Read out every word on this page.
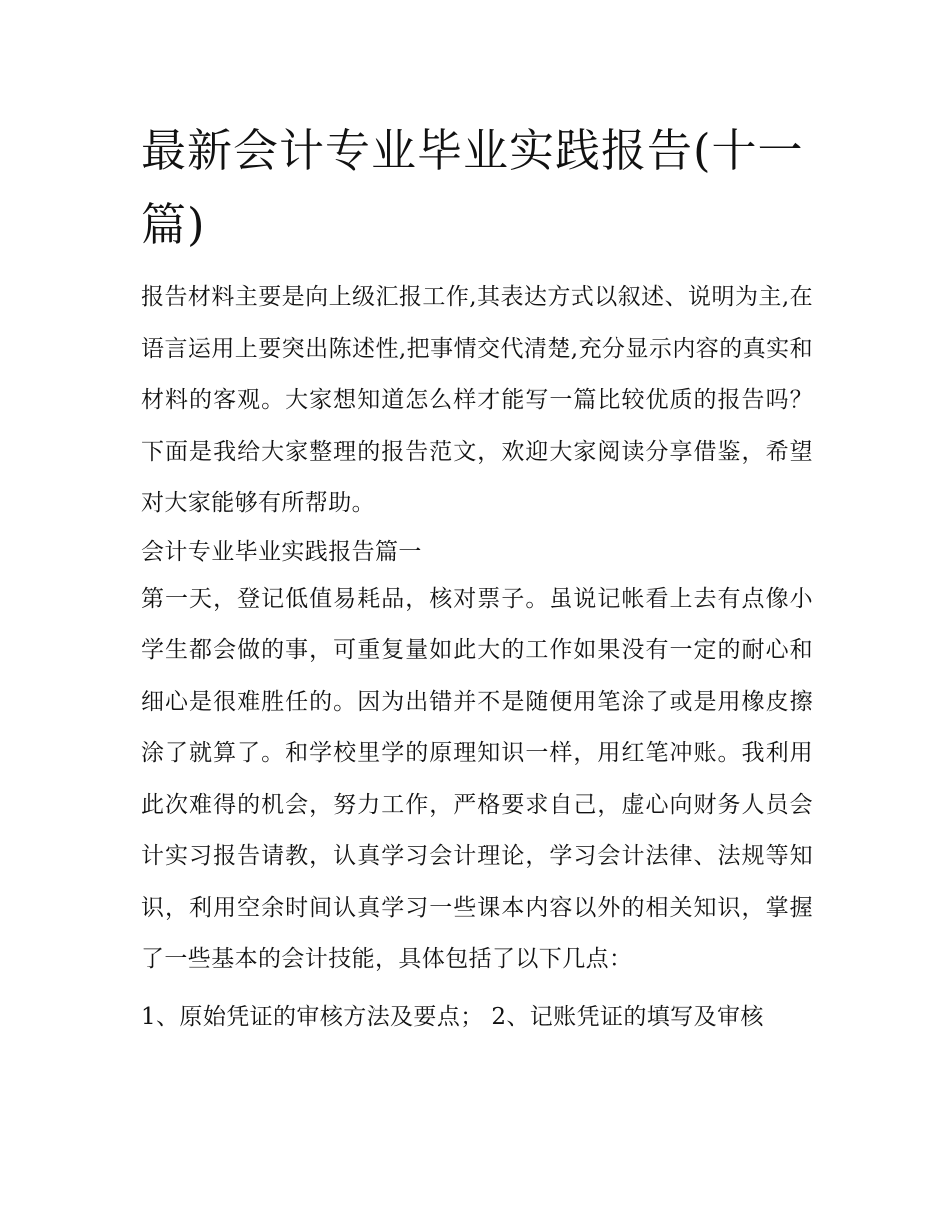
最新会计专业毕业实践报告(十一篇)

报告材料主要是向上级汇报工作,其表达方式以叙述、说明为主,在语言运用上要突出陈述性,把事情交代清楚,充分显示内容的真实和材料的客观。大家想知道怎么样才能写一篇比较优质的报告吗？下面是我给大家整理的报告范文，欢迎大家阅读分享借鉴，希望对大家能够有所帮助。

会计专业毕业实践报告篇一

第一天，登记低值易耗品，核对票子。虽说记帐看上去有点像小学生都会做的事，可重复量如此大的工作如果没有一定的耐心和细心是很难胜任的。因为出错并不是随便用笔涂了或是用橡皮擦涂了就算了。和学校里学的原理知识一样，用红笔冲账。我利用此次难得的机会，努力工作，严格要求自己，虚心向财务人员会计实习报告请教，认真学习会计理论，学习会计法律、法规等知识，利用空余时间认真学习一些课本内容以外的相关知识，掌握了一些基本的会计技能，具体包括了以下几点：

1、原始凭证的审核方法及要点； 2、记账凭证的填写及审核
